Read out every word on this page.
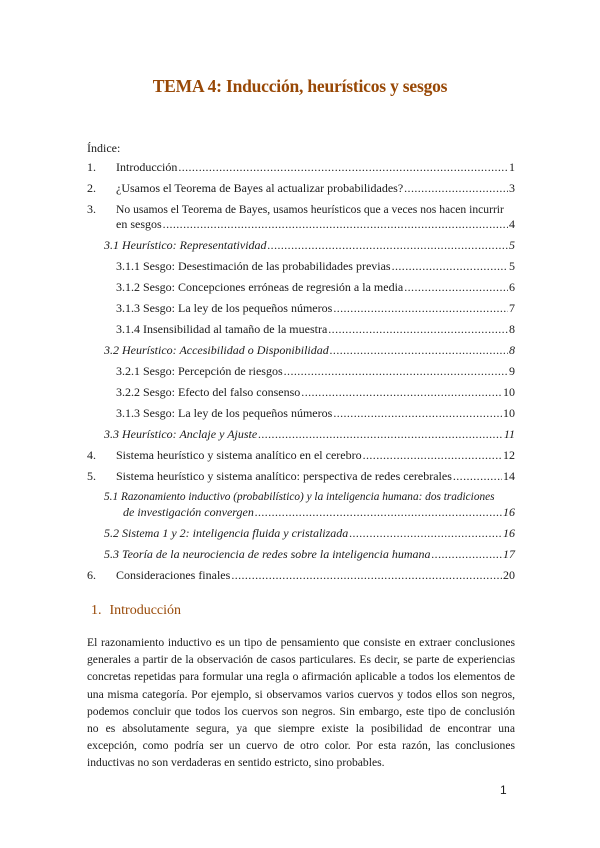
TEMA 4: Inducción, heurísticos y sesgos
Índice:
1.	Introducción .....	1
2.	¿Usamos el Teorema de Bayes al actualizar probabilidades? .....	3
3.	No usamos el Teorema de Bayes, usamos heurísticos que a veces nos hacen incurrir
en sesgos .....	4
3.1 Heurístico: Representatividad .....	5
3.1.1 Sesgo: Desestimación de las probabilidades previas .....	5
3.1.2 Sesgo: Concepciones erróneas de regresión a la media .....	6
3.1.3 Sesgo: La ley de los pequeños números .....	7
3.1.4 Insensibilidad al tamaño de la muestra .....	8
3.2 Heurístico: Accesibilidad o Disponibilidad .....	8
3.2.1 Sesgo: Percepción de riesgos .....	9
3.2.2 Sesgo: Efecto del falso consenso .....	10
3.1.3 Sesgo: La ley de los pequeños números .....	10
3.3 Heurístico: Anclaje y Ajuste .....	11
4.	Sistema heurístico y sistema analítico en el cerebro .....	12
5.	Sistema heurístico y sistema analítico: perspectiva de redes cerebrales .....	14
5.1 Razonamiento inductivo (probabilístico) y la inteligencia humana: dos tradiciones
de investigación convergen .....	16
5.2 Sistema 1 y 2: inteligencia fluida y cristalizada .....	16
5.3 Teoría de la neurociencia de redes sobre la inteligencia humana .....	17
6.	Consideraciones finales .....	20
1. Introducción
El razonamiento inductivo es un tipo de pensamiento que consiste en extraer conclusiones generales a partir de la observación de casos particulares. Es decir, se parte de experiencias concretas repetidas para formular una regla o afirmación aplicable a todos los elementos de una misma categoría. Por ejemplo, si observamos varios cuervos y todos ellos son negros, podemos concluir que todos los cuervos son negros. Sin embargo, este tipo de conclusión no es absolutamente segura, ya que siempre existe la posibilidad de encontrar una excepción, como podría ser un cuervo de otro color. Por esta razón, las conclusiones inductivas no son verdaderas en sentido estricto, sino probables.
1
